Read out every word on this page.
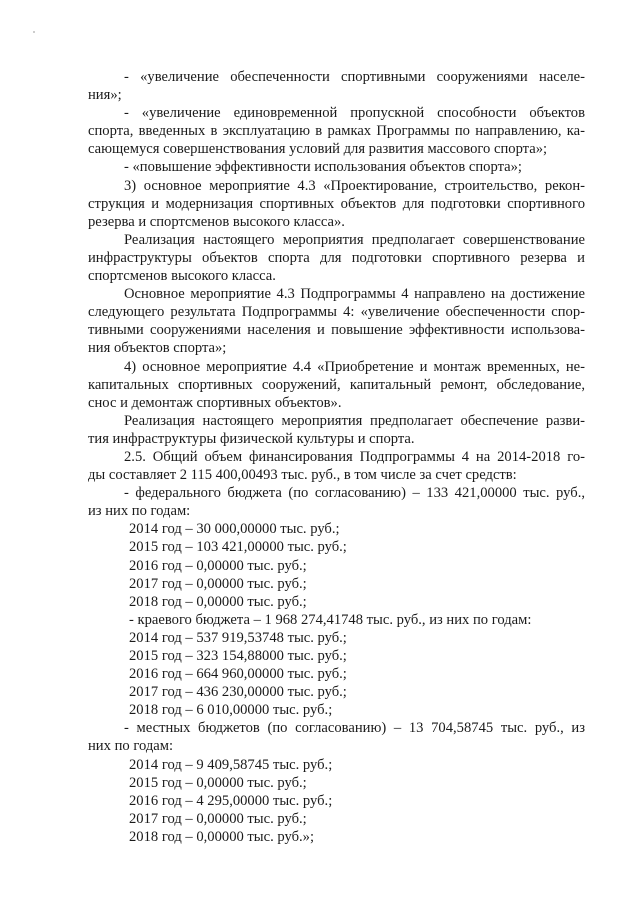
- «увеличение обеспеченности спортивными сооружениями населе-
ния»;
- «увеличение единовременной пропускной способности объектов
спорта, введенных в эксплуатацию в рамках Программы по направлению, ка-
сающемуся совершенствования условий для развития массового спорта»;
- «повышение эффективности использования объектов спорта»;
3) основное мероприятие 4.3 «Проектирование, строительство, рекон-
струкция и модернизация спортивных объектов для подготовки спортивного
резерва и спортсменов высокого класса».
Реализация настоящего мероприятия предполагает совершенствование
инфраструктуры объектов спорта для подготовки спортивного резерва и
спортсменов высокого класса.
Основное мероприятие 4.3 Подпрограммы 4 направлено на достижение
следующего результата Подпрограммы 4: «увеличение обеспеченности спор-
тивными сооружениями населения и повышение эффективности использова-
ния объектов спорта»;
4) основное мероприятие 4.4 «Приобретение и монтаж временных, не-
капитальных спортивных сооружений, капитальный ремонт, обследование,
снос и демонтаж спортивных объектов».
Реализация настоящего мероприятия предполагает обеспечение разви-
тия инфраструктуры физической культуры и спорта.
2.5. Общий объем финансирования Подпрограммы 4 на 2014-2018 го-
ды составляет 2 115 400,00493 тыс. руб., в том числе за счет средств:
- федерального бюджета (по согласованию) – 133 421,00000 тыс. руб.,
из них по годам:
2014 год – 30 000,00000 тыс. руб.;
2015 год – 103 421,00000 тыс. руб.;
2016 год – 0,00000 тыс. руб.;
2017 год – 0,00000 тыс. руб.;
2018 год – 0,00000 тыс. руб.;
- краевого бюджета – 1 968 274,41748 тыс. руб., из них по годам:
2014 год – 537 919,53748 тыс. руб.;
2015 год – 323 154,88000 тыс. руб.;
2016 год – 664 960,00000 тыс. руб.;
2017 год – 436 230,00000 тыс. руб.;
2018 год – 6 010,00000 тыс. руб.;
- местных бюджетов (по согласованию) – 13 704,58745 тыс. руб., из
них по годам:
2014 год – 9 409,58745 тыс. руб.;
2015 год – 0,00000 тыс. руб.;
2016 год – 4 295,00000 тыс. руб.;
2017 год – 0,00000 тыс. руб.;
2018 год – 0,00000 тыс. руб.»;
